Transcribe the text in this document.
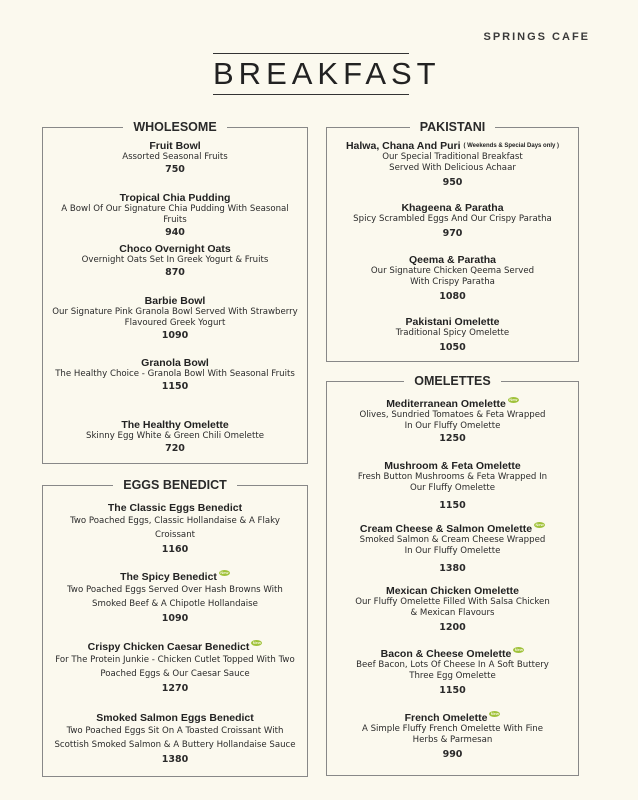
SPRINGS CAFE
BREAKFAST
WHOLESOME
Fruit Bowl
Assorted Seasonal Fruits
750
Tropical Chia Pudding
A Bowl Of Our Signature Chia Pudding With Seasonal Fruits
940
Choco Overnight Oats
Overnight Oats Set In Greek Yogurt & Fruits
870
Barbie Bowl
Our Signature Pink Granola Bowl Served With Strawberry Flavoured Greek Yogurt
1090
Granola Bowl
The Healthy Choice - Granola Bowl With Seasonal Fruits
1150
The Healthy Omelette
Skinny Egg White & Green Chili Omelette
720
EGGS BENEDICT
The Classic Eggs Benedict
Two Poached Eggs, Classic Hollandaise & A Flaky Croissant
1160
The Spicy Benedict New
Two Poached Eggs Served Over Hash Browns With Smoked Beef & A Chipotle Hollandaise
1090
Crispy Chicken Caesar Benedict New
For The Protein Junkie - Chicken Cutlet Topped With Two Poached Eggs & Our Caesar Sauce
1270
Smoked Salmon Eggs Benedict
Two Poached Eggs Sit On A Toasted Croissant With Scottish Smoked Salmon & A Buttery Hollandaise Sauce
1380
PAKISTANI
Halwa, Chana And Puri ( Weekends & Special Days only )
Our Special Traditional Breakfast Served With Delicious Achaar
950
Khageena & Paratha
Spicy Scrambled Eggs And Our Crispy Paratha
970
Qeema & Paratha
Our Signature Chicken Qeema Served With Crispy Paratha
1080
Pakistani Omelette
Traditional Spicy Omelette
1050
OMELETTES
Mediterranean Omelette New
Olives, Sundried Tomatoes & Feta Wrapped In Our Fluffy Omelette
1250
Mushroom & Feta Omelette
Fresh Button Mushrooms & Feta Wrapped In Our Fluffy Omelette
1150
Cream Cheese & Salmon Omelette New
Smoked Salmon & Cream Cheese Wrapped In Our Fluffy Omelette
1380
Mexican Chicken Omelette
Our Fluffy Omelette Filled With Salsa Chicken & Mexican Flavours
1200
Bacon & Cheese Omelette New
Beef Bacon, Lots Of Cheese In A Soft Buttery Three Egg Omelette
1150
French Omelette New
A Simple Fluffy French Omelette With Fine Herbs & Parmesan
990
